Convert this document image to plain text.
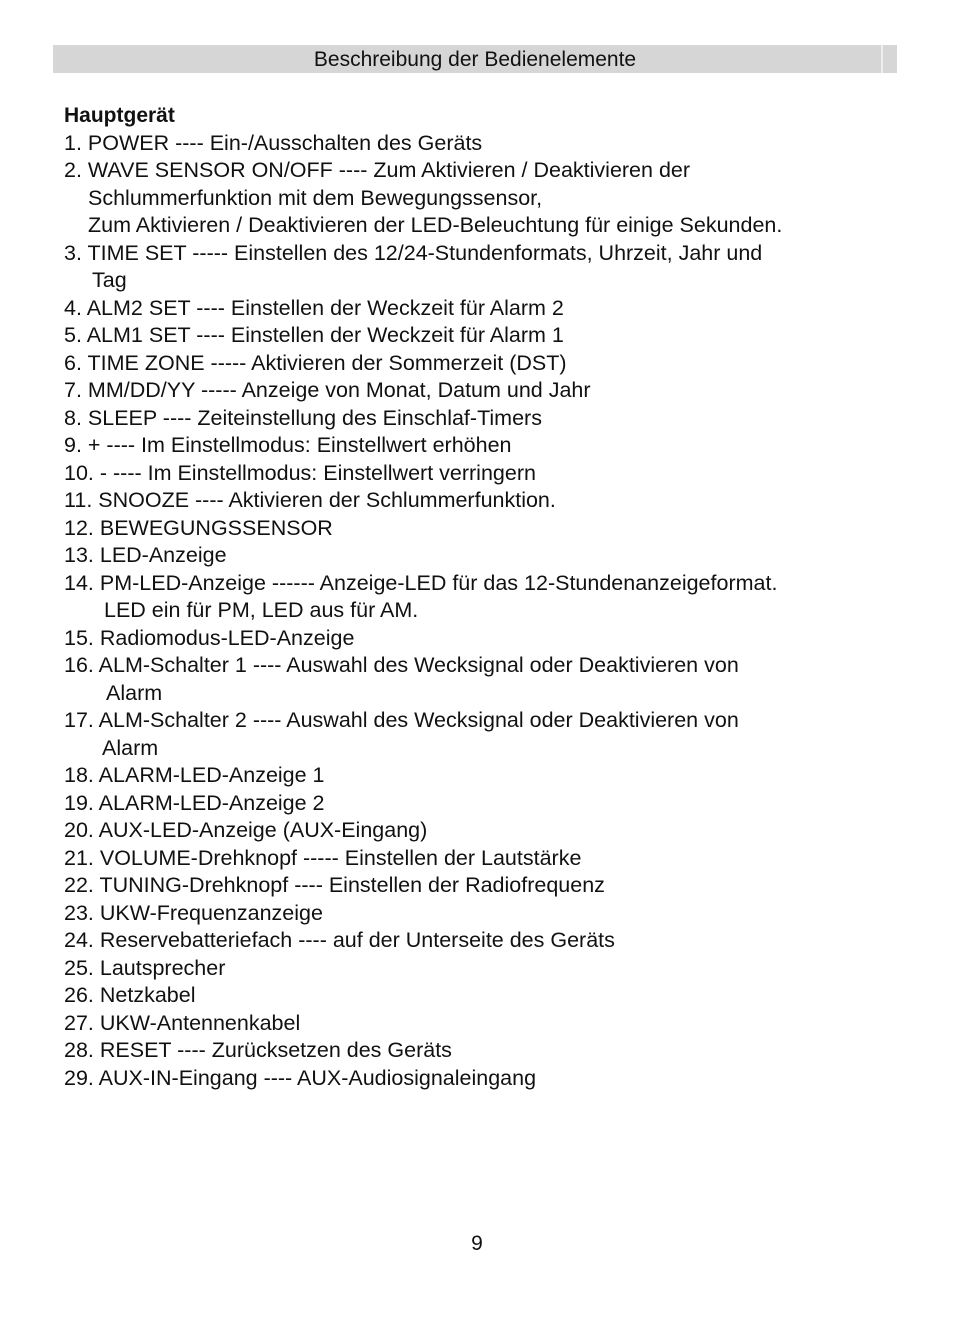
Beschreibung der Bedienelemente
Hauptgerät
1. POWER ---- Ein-/Ausschalten des Geräts
2. WAVE SENSOR ON/OFF ---- Zum Aktivieren / Deaktivieren der
Schlummerfunktion mit dem Bewegungssensor,
Zum Aktivieren / Deaktivieren der LED-Beleuchtung für einige Sekunden.
3. TIME SET ----- Einstellen des 12/24-Stundenformats, Uhrzeit, Jahr und
Tag
4. ALM2 SET ---- Einstellen der Weckzeit für Alarm 2
5. ALM1 SET ---- Einstellen der Weckzeit für Alarm 1
6. TIME ZONE ----- Aktivieren der Sommerzeit (DST)
7. MM/DD/YY ----- Anzeige von Monat, Datum und Jahr
8. SLEEP ---- Zeiteinstellung des Einschlaf-Timers
9. + ---- Im Einstellmodus: Einstellwert erhöhen
10. - ---- Im Einstellmodus: Einstellwert verringern
11. SNOOZE ---- Aktivieren der Schlummerfunktion.
12. BEWEGUNGSSENSOR
13. LED-Anzeige
14. PM-LED-Anzeige ------ Anzeige-LED für das 12-Stundenanzeigeformat.
LED ein für PM, LED aus für AM.
15. Radiomodus-LED-Anzeige
16. ALM-Schalter 1 ---- Auswahl des Wecksignal oder Deaktivieren von
Alarm
17. ALM-Schalter 2 ---- Auswahl des Wecksignal oder Deaktivieren von
Alarm
18. ALARM-LED-Anzeige 1
19. ALARM-LED-Anzeige 2
20. AUX-LED-Anzeige (AUX-Eingang)
21. VOLUME-Drehknopf ----- Einstellen der Lautstärke
22. TUNING-Drehknopf ---- Einstellen der Radiofrequenz
23. UKW-Frequenzanzeige
24. Reservebatteriefach ---- auf der Unterseite des Geräts
25. Lautsprecher
26. Netzkabel
27. UKW-Antennenkabel
28. RESET ---- Zurücksetzen des Geräts
29. AUX-IN-Eingang ---- AUX-Audiosignaleingang
9
